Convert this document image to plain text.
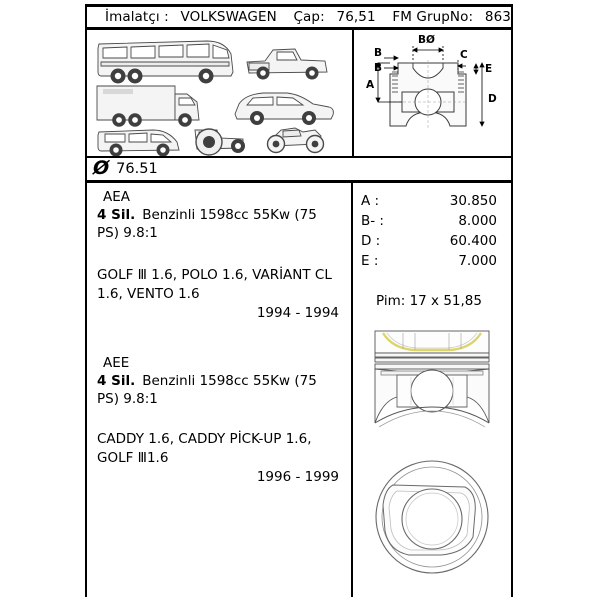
İmalatçı : VOLKSWAGEN Çap: 76,51 FM GrupNo: 863
BØ
B
B
C
E
A
D
Ø 76.51
AEA
4 Sil. Benzinli 1598cc 55Kw (75 PS) 9.8:1
GOLF Ⅲ 1.6, POLO 1.6, VARİANT CL 1.6, VENTO 1.6
1994 - 1994
AEE
4 Sil. Benzinli 1598cc 55Kw (75 PS) 9.8:1
CADDY 1.6, CADDY PİCK-UP 1.6, GOLF Ⅲ1.6
1996 - 1999
A :	30.850
B- :	8.000
D :	60.400
E :	7.000
Pim: 17 x 51,85
